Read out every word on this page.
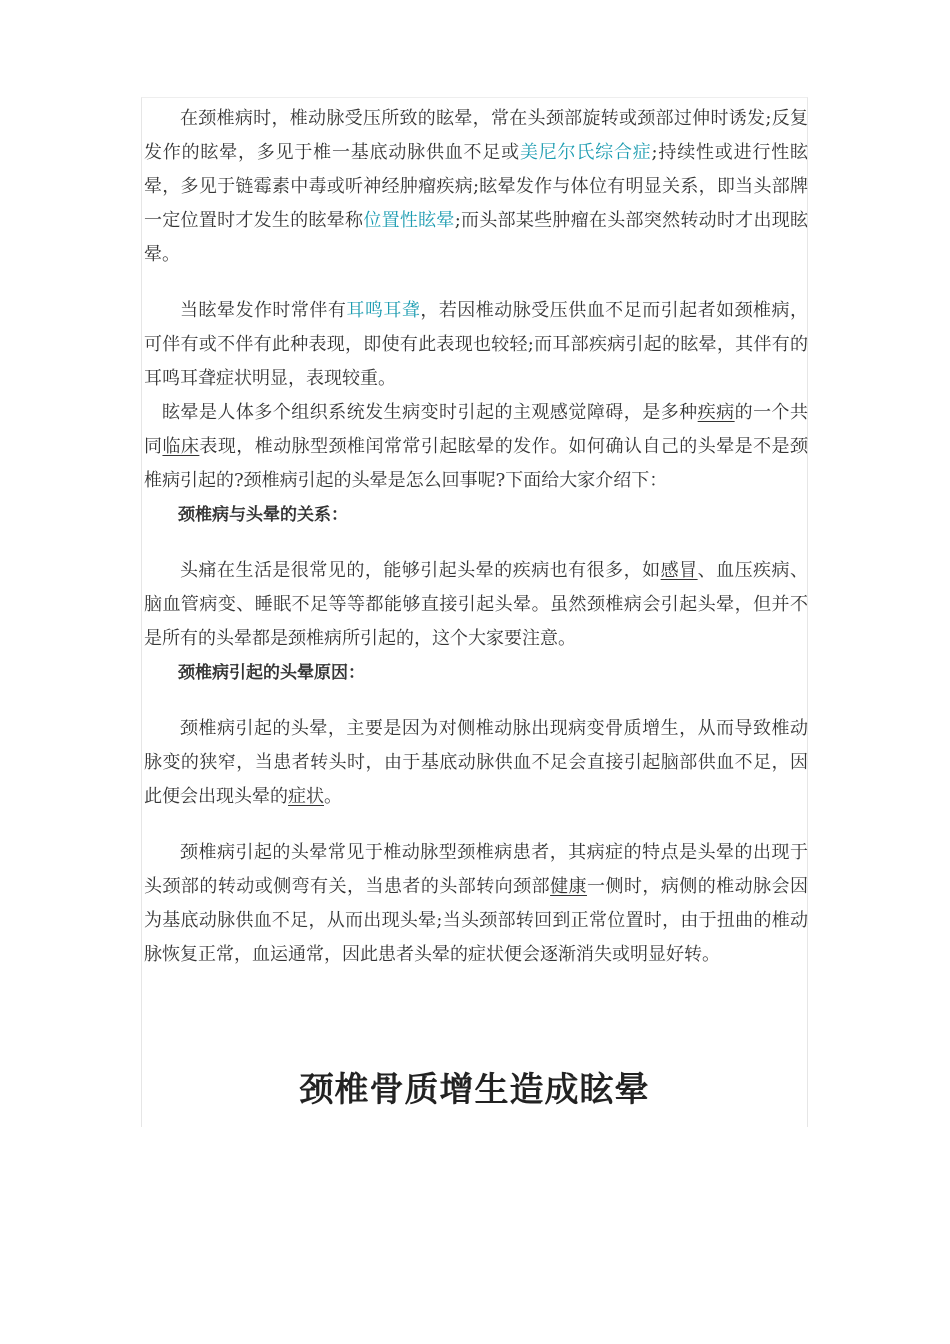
在颈椎病时，椎动脉受压所致的眩晕，常在头颈部旋转或颈部过伸时诱发;反复发作的眩晕，多见于椎一基底动脉供血不足或美尼尔氏综合症;持续性或进行性眩晕，多见于链霉素中毒或听神经肿瘤疾病;眩晕发作与体位有明显关系，即当头部牌一定位置时才发生的眩晕称位置性眩晕;而头部某些肿瘤在头部突然转动时才出现眩晕。

当眩晕发作时常伴有耳鸣耳聋，若因椎动脉受压供血不足而引起者如颈椎病，可伴有或不伴有此种表现，即使有此表现也较轻;而耳部疾病引起的眩晕，其伴有的耳鸣耳聋症状明显，表现较重。

眩晕是人体多个组织系统发生病变时引起的主观感觉障碍，是多种疾病的一个共同临床表现，椎动脉型颈椎闰常常引起眩晕的发作。如何确认自己的头晕是不是颈椎病引起的?颈椎病引起的头晕是怎么回事呢?下面给大家介绍下：

颈椎病与头晕的关系：

头痛在生活是很常见的，能够引起头晕的疾病也有很多，如感冒、血压疾病、脑血管病变、睡眠不足等等都能够直接引起头晕。虽然颈椎病会引起头晕，但并不是所有的头晕都是颈椎病所引起的，这个大家要注意。

颈椎病引起的头晕原因：

颈椎病引起的头晕，主要是因为对侧椎动脉出现病变骨质增生，从而导致椎动脉变的狭窄，当患者转头时，由于基底动脉供血不足会直接引起脑部供血不足，因此便会出现头晕的症状。

颈椎病引起的头晕常见于椎动脉型颈椎病患者，其病症的特点是头晕的出现于头颈部的转动或侧弯有关，当患者的头部转向颈部健康一侧时，病侧的椎动脉会因为基底动脉供血不足，从而出现头晕;当头颈部转回到正常位置时，由于扭曲的椎动脉恢复正常，血运通常，因此患者头晕的症状便会逐渐消失或明显好转。

颈椎骨质增生造成眩晕
